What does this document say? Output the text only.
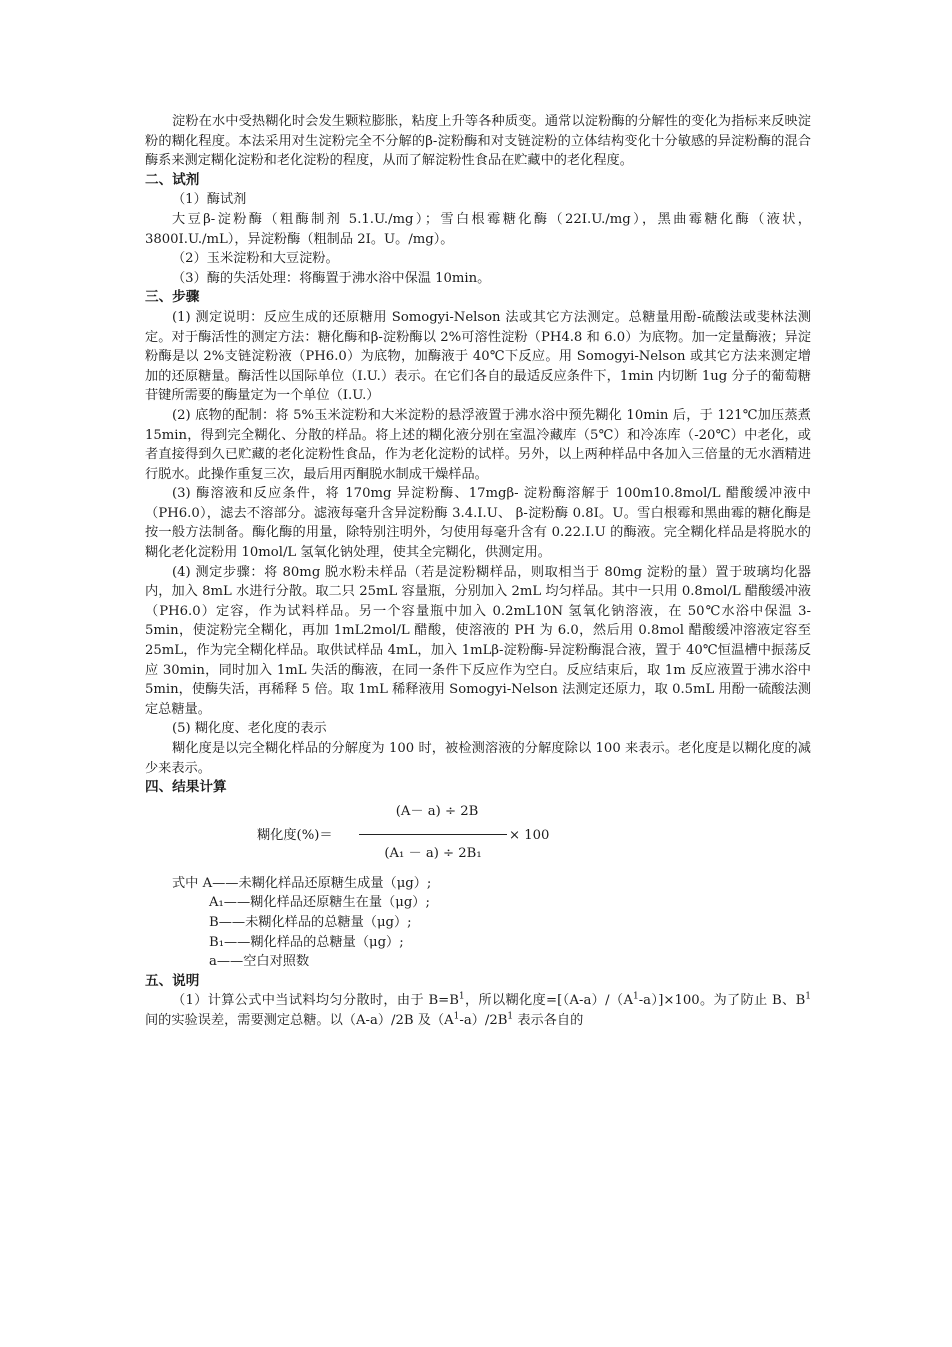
淀粉在水中受热糊化时会发生颗粒膨胀，粘度上升等各种质变。通常以淀粉酶的分解性的变化为指标来反映淀粉的糊化程度。本法采用对生淀粉完全不分解的β-淀粉酶和对支链淀粉的立体结构变化十分敏感的异淀粉酶的混合酶系来测定糊化淀粉和老化淀粉的程度，从而了解淀粉性食品在贮藏中的老化程度。

二、试剂

（1）酶试剂

大豆β-淀粉酶（粗酶制剂 5.1.U./mg）；雪白根霉糖化酶（22I.U./mg），黑曲霉糖化酶（液状，3800I.U./mL），异淀粉酶（粗制品 2I。U。/mg）。

（2）玉米淀粉和大豆淀粉。

（3）酶的失活处理：将酶置于沸水浴中保温 10min。

三、步骤

(1) 测定说明：反应生成的还原糖用 Somogyi-Nelson 法或其它方法测定。总糖量用酚-硫酸法或斐林法测定。对于酶活性的测定方法：糖化酶和β-淀粉酶以 2%可溶性淀粉（PH4.8 和 6.0）为底物。加一定量酶液；异淀粉酶是以 2%支链淀粉液（PH6.0）为底物，加酶液于 40℃下反应。用 Somogyi-Nelson 或其它方法来测定增加的还原糖量。酶活性以国际单位（I.U.）表示。在它们各自的最适反应条件下，1min 内切断 1ug 分子的葡萄糖苷键所需要的酶量定为一个单位（I.U.）

(2) 底物的配制：将 5%玉米淀粉和大米淀粉的悬浮液置于沸水浴中预先糊化 10min 后，于 121℃加压蒸煮 15min，得到完全糊化、分散的样品。将上述的糊化液分别在室温冷藏库（5℃）和冷冻库（-20℃）中老化，或者直接得到久已贮藏的老化淀粉性食品，作为老化淀粉的试样。另外，以上两种样品中各加入三倍量的无水酒精进行脱水。此操作重复三次，最后用丙酮脱水制成干燥样品。

(3) 酶溶液和反应条件，将 170mg 异淀粉酶、17mgβ- 淀粉酶溶解于 100m10.8mol/L 醋酸缓冲液中（PH6.0），滤去不溶部分。滤液每毫升含异淀粉酶 3.4.I.U、 β-淀粉酶 0.8I。U。雪白根霉和黑曲霉的糖化酶是按一般方法制备。酶化酶的用量，除特别注明外，匀使用每毫升含有 0.22.I.U 的酶液。完全糊化样品是将脱水的糊化老化淀粉用 10mol/L 氢氧化钠处理，使其全完糊化，供测定用。

(4) 测定步骤：将 80mg 脱水粉未样品（若是淀粉糊样品，则取相当于 80mg 淀粉的量）置于玻璃均化器内，加入 8mL 水进行分散。取二只 25mL 容量瓶，分别加入 2mL 均匀样品。其中一只用 0.8mol/L 醋酸缓冲液（PH6.0）定容，作为试料样品。另一个容量瓶中加入 0.2mL10N 氢氧化钠溶液，在 50℃水浴中保温 3-5min，使淀粉完全糊化，再加 1mL2mol/L 醋酸，使溶液的 PH 为 6.0，然后用 0.8mol 醋酸缓冲溶液定容至 25mL，作为完全糊化样品。取供试样品 4mL，加入 1mLβ-淀粉酶-异淀粉酶混合液，置于 40℃恒温槽中振荡反应 30min，同时加入 1mL 失活的酶液，在同一条件下反应作为空白。反应结束后，取 1m 反应液置于沸水浴中 5min，使酶失活，再稀释 5 倍。取 1mL 稀释液用 Somogyi-Nelson 法测定还原力，取 0.5mL 用酚一硫酸法测定总糖量。

(5) 糊化度、老化度的表示

糊化度是以完全糊化样品的分解度为 100 时，被检测溶液的分解度除以 100 来表示。老化度是以糊化度的减少来表示。

四、结果计算

糊化度(%)＝
(A－ a) ÷ 2B
(A₁ － a) ÷ 2B₁
× 100

式中 A——未糊化样品还原糖生成量（μg）;

A₁——糊化样品还原糖生在量（μg）;

B——未糊化样品的总糖量（μg）;

B₁——糊化样品的总糖量（μg）;

a——空白对照数

五、说明

（1）计算公式中当试料均匀分散时，由于 $B=B^1$，所以糊化度$=[(A-a)/(A^1-a)]\times 100$。为了防止 B、$B^1$ 间的实验误差，需要测定总糖。以（A-a）/2B 及$(A^1-a)/2B^1$ 表示各自的
